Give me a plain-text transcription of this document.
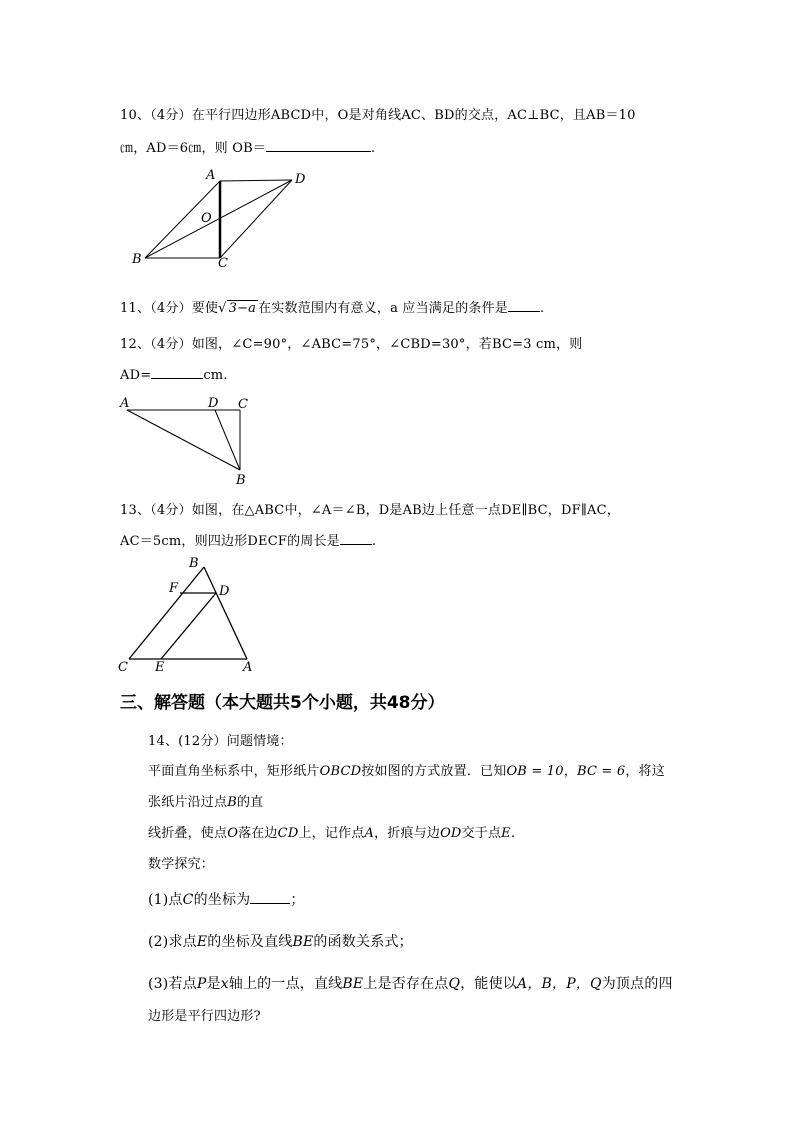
10、（4分）在平行四边形ABCD中，O是对角线AC、BD的交点，AC⊥BC，且AB＝10
㎝，AD＝6㎝，则 OB＝	.
A	D
O
B	C
11、（4分）要使√ 3−a 在实数范围内有意义，a 应当满足的条件是 .
12、（4分）如图，∠C=90°，∠ABC=75°，∠CBD=30°，若BC=3 cm，则
AD=	cm.
A	D C
B
13、（4分）如图，在△ABC中，∠A＝∠B，D是AB边上任意一点DE∥BC，DF∥AC，
AC＝5cm，则四边形DECF的周长是 .
B
F	D
C E	A
三、解答题（本大题共5个小题，共48分）
14、(12分）问题情境：
平面直角坐标系中，矩形纸片OBCD按如图的方式放置．已知OB = 10，BC = 6，将这
张纸片沿过点B的直
线折叠，使点O落在边CD上，记作点A，折痕与边OD交于点E.
数学探究：
(1)点C的坐标为	；
(2)求点E的坐标及直线BE的函数关系式；
(3)若点P是x轴上的一点，直线BE上是否存在点Q，能使以A，B，P，Q为顶点的四
边形是平行四边形?
